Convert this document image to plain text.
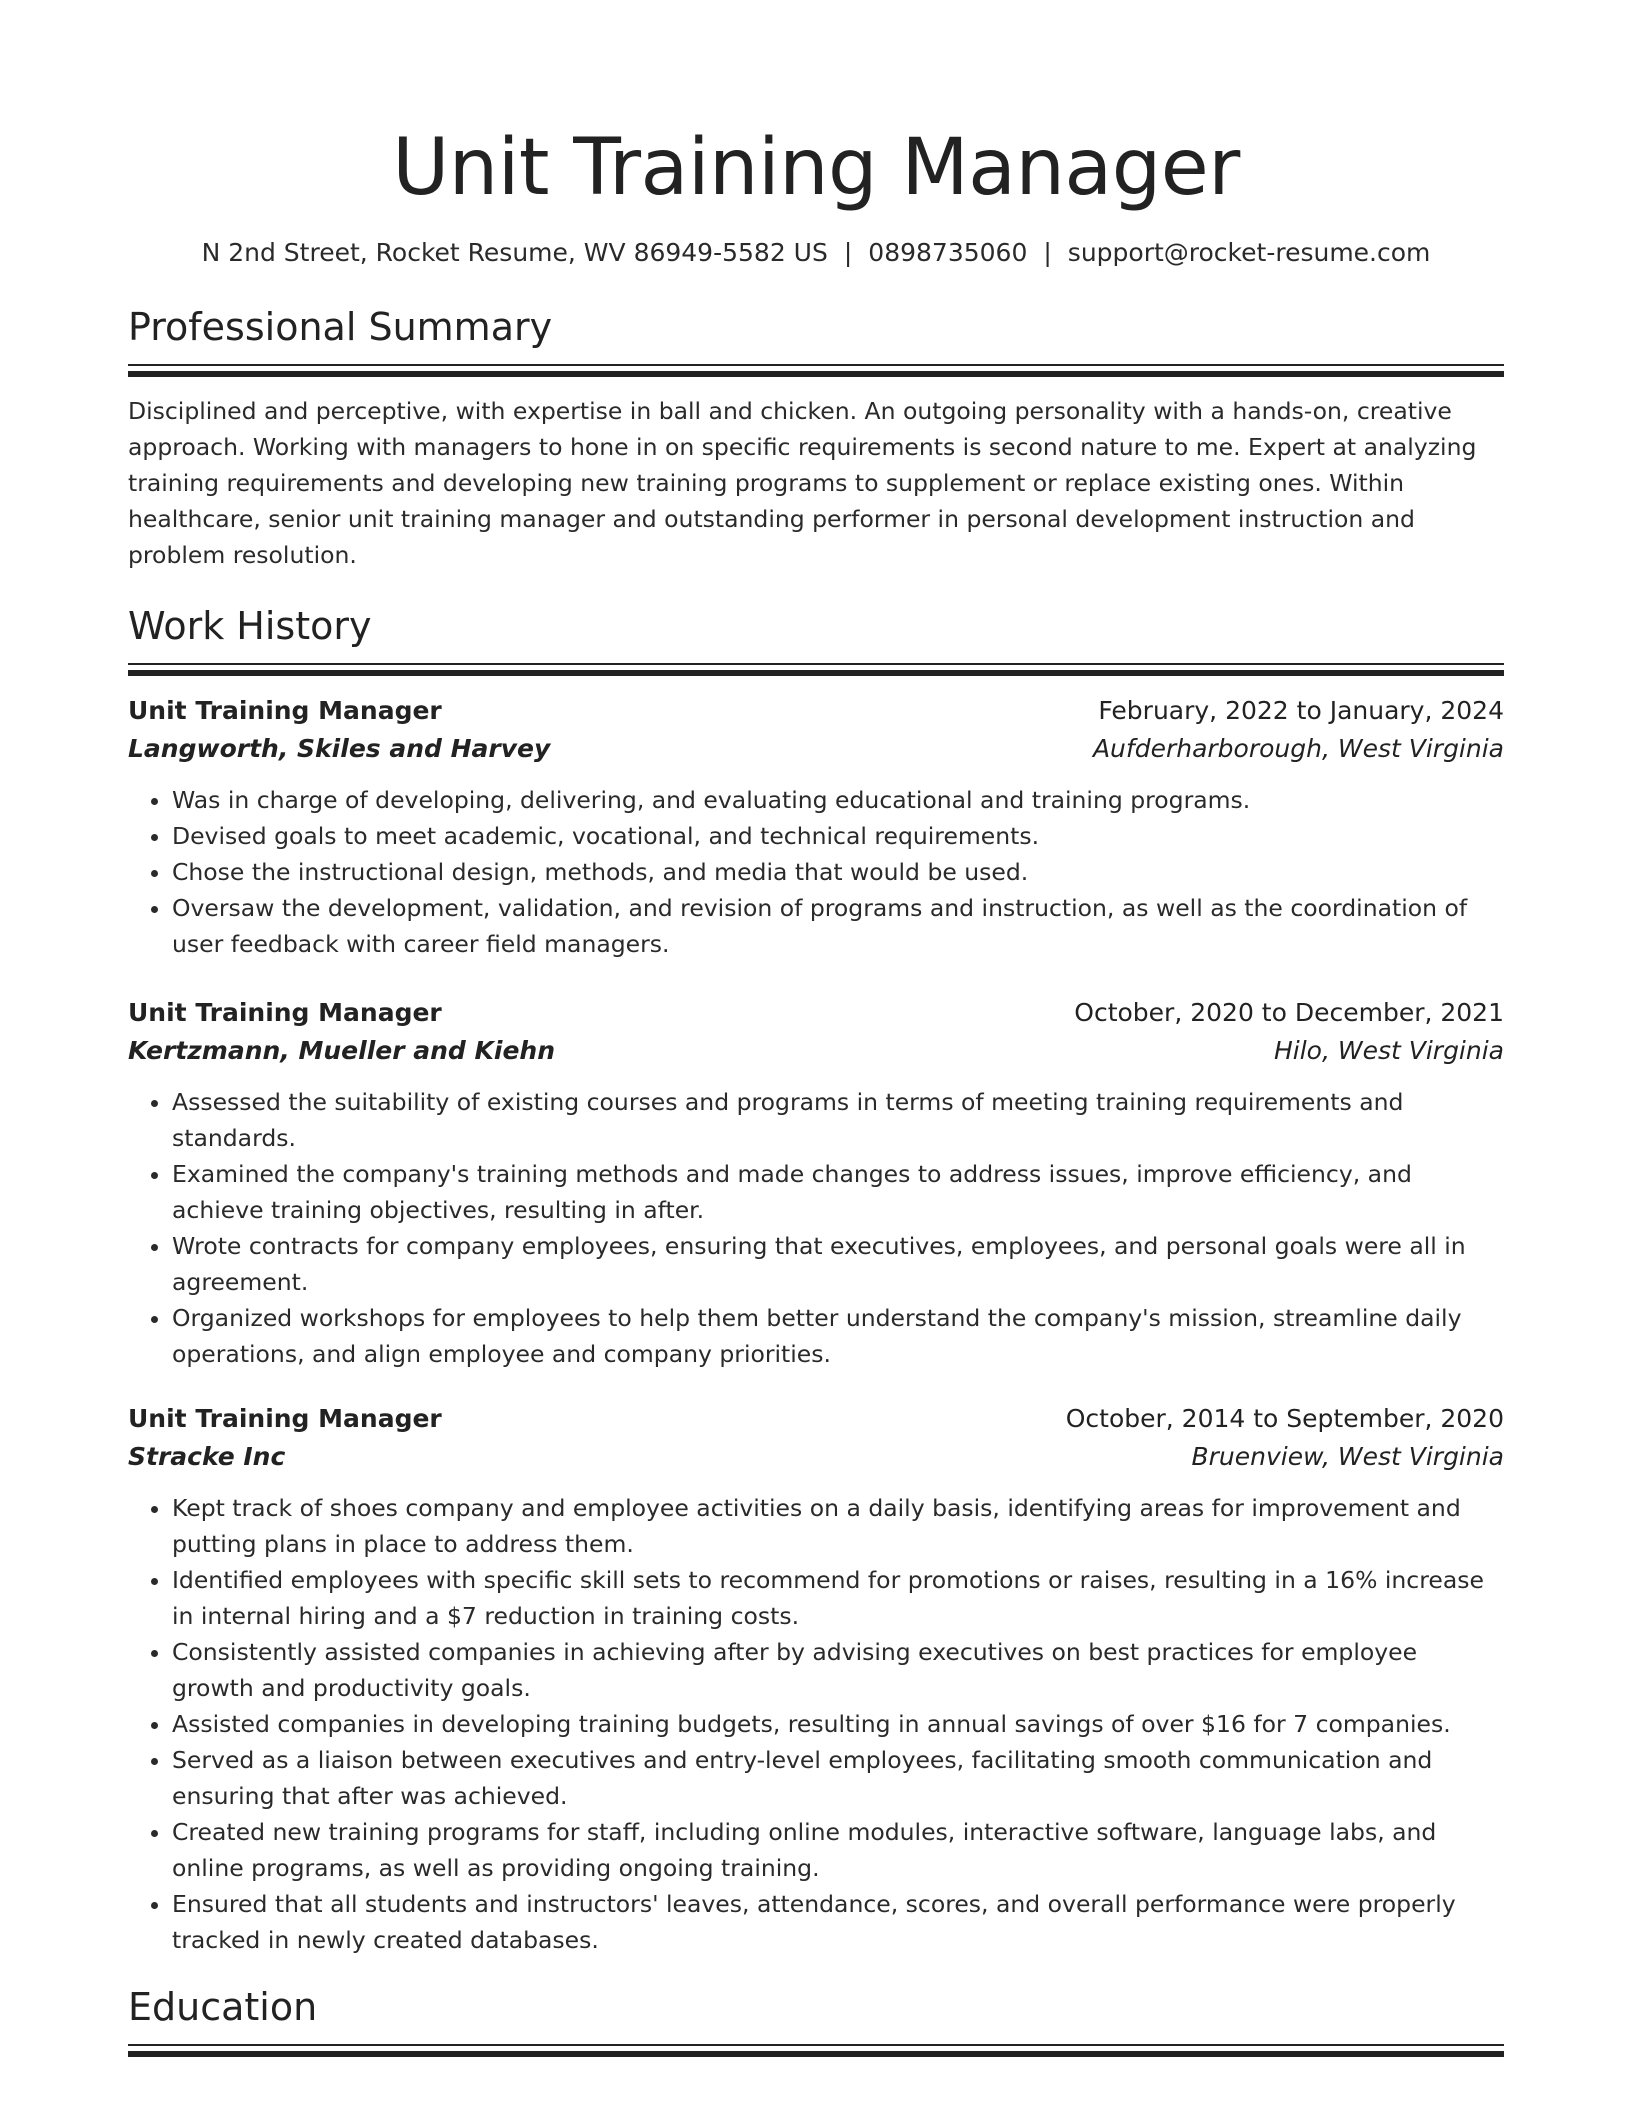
Unit Training Manager
N 2nd Street, Rocket Resume, WV 86949-5582 US | 0898735060 | support@rocket-resume.com
Professional Summary
Disciplined and perceptive, with expertise in ball and chicken. An outgoing personality with a hands-on, creative approach. Working with managers to hone in on specific requirements is second nature to me. Expert at analyzing training requirements and developing new training programs to supplement or replace existing ones. Within healthcare, senior unit training manager and outstanding performer in personal development instruction and problem resolution.
Work History
Unit Training Manager	February, 2022 to January, 2024
Langworth, Skiles and Harvey	Aufderharborough, West Virginia
• Was in charge of developing, delivering, and evaluating educational and training programs.
• Devised goals to meet academic, vocational, and technical requirements.
• Chose the instructional design, methods, and media that would be used.
• Oversaw the development, validation, and revision of programs and instruction, as well as the coordination of user feedback with career field managers.
Unit Training Manager	October, 2020 to December, 2021
Kertzmann, Mueller and Kiehn	Hilo, West Virginia
• Assessed the suitability of existing courses and programs in terms of meeting training requirements and standards.
• Examined the company's training methods and made changes to address issues, improve efficiency, and achieve training objectives, resulting in after.
• Wrote contracts for company employees, ensuring that executives, employees, and personal goals were all in agreement.
• Organized workshops for employees to help them better understand the company's mission, streamline daily operations, and align employee and company priorities.
Unit Training Manager	October, 2014 to September, 2020
Stracke Inc	Bruenview, West Virginia
• Kept track of shoes company and employee activities on a daily basis, identifying areas for improvement and putting plans in place to address them.
• Identified employees with specific skill sets to recommend for promotions or raises, resulting in a 16% increase in internal hiring and a $7 reduction in training costs.
• Consistently assisted companies in achieving after by advising executives on best practices for employee growth and productivity goals.
• Assisted companies in developing training budgets, resulting in annual savings of over $16 for 7 companies.
• Served as a liaison between executives and entry-level employees, facilitating smooth communication and ensuring that after was achieved.
• Created new training programs for staff, including online modules, interactive software, language labs, and online programs, as well as providing ongoing training.
• Ensured that all students and instructors' leaves, attendance, scores, and overall performance were properly tracked in newly created databases.
Education
